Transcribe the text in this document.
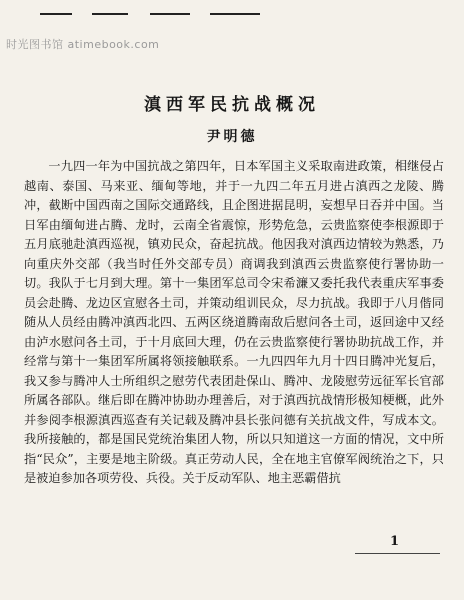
时光图书馆 atimebook.com
滇西军民抗战概况
尹明德
一九四一年为中国抗战之第四年，日本军国主义采取南进政策，相继侵占越南、泰国、马来亚、缅甸等地，并于一九四二年五月进占滇西之龙陵、腾冲，截断中国西南之国际交通路线，且企图进据昆明，妄想早日吞并中国。当日军由缅甸进占腾、龙时，云南全省震惊，形势危急，云贵监察使李根源即于五月底驰赴滇西巡视，镇劝民众，奋起抗战。他因我对滇西边情较为熟悉，乃向重庆外交部（我当时任外交部专员）商调我到滇西云贵监察使行署协助一切。我队于七月到大理。第十一集团军总司令宋希濂又委托我代表重庆军事委员会赴腾、龙边区宣慰各土司，并策动组训民众，尽力抗战。我即于八月偕同随从人员经由腾冲滇西北四、五两区绕道腾南敌后慰问各土司，返回途中又经由泸水慰问各土司，于十月底回大理，仍在云贵监察使行署协助抗战工作，并经常与第十一集团军所属将领接触联系。一九四四年九月十四日腾冲光复后，我又参与腾冲人士所组织之慰劳代表团赴保山、腾冲、龙陵慰劳远征军长官部所属各部队。继后即在腾冲协助办理善后，对于滇西抗战情形极知梗概，此外并参阅李根源滇西巡查有关记载及腾冲县长张问德有关抗战文件，写成本文。我所接触的，都是国民党统治集团人物，所以只知道这一方面的情况，文中所指“民众”，主要是地主阶级。真正劳动人民，全在地主官僚军阀统治之下，只是被迫参加各项劳役、兵役。关于反动军队、地主恶霸借抗
1
